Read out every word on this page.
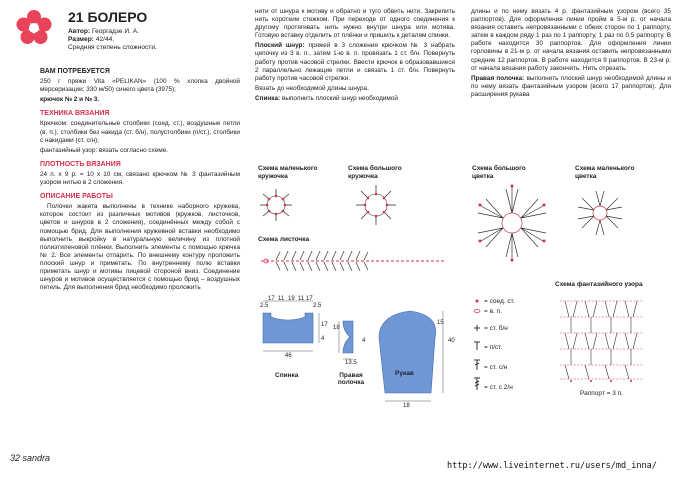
21 БОЛЕРО
Автор: Георгадзе И. А.
Размер: 42/44.
Средняя степень сложности.
ВАМ ПОТРЕБУЕТСЯ

250 г пряжи Vita «PELIKAN» (100 % хлопка двойной мерсеризации; 330 м/50) синего цвета (3975);

крючок № 2 и № 3.

ТЕХНИКА ВЯЗАНИЯ

Крючком: соединительные столбики (соед. ст.), воздушные петли (в. п.), столбики без накида (ст. б/н), полустолбики (п/ст.), столбики с накидами (ст. с/н);

фантазийный узор: вязать согласно схеме.

ПЛОТНОСТЬ ВЯЗАНИЯ

24 п. x 9 р. = 10 x 10 см, связано крючком № 3 фантазийным узором нитью в 2 сложения.

ОПИСАНИЕ РАБОТЫ

Полочки жакета выполнены в технике наборного кружева, которое состоит из различных мотивов (кружков, листочков, цветов и шнуров в 2 сложения), соединённых между собой с помощью брид. Для выполнения кружевной вставки необходимо выполнить выкройку в натуральную величину из плотной полиэтиленовой плёнки. Выполнить элементы с помощью крючка № 2. Все элементы отпарить. По внешнему контуру проложить плоский шнур и приметать. По внутреннему полю вставки приметать шнур и мотивы лицевой стороной вниз. Соединение шнуров и мотивов осуществляется с помощью брид – воздушных петель. Для выполнения брид необходимо проложить

нити от шнура к мотиву и обратно и туго обвить нити. Закрепить нить коротким стежком. При переходе от одного соединения к другому протягивать нить нужно внутри шнура или мотива. Готовую вставку отделить от плёнки и пришить к деталям спинки.

Плоский шнур: пряжей в 3 сложения крючком № 3 набрать цепочку из 3 в. п., затем 1-ю в. п. провязать 1 ст. б/н. Повернуть работу против часовой стрелки. Ввести крючок в образовавшиеся 2 параллельно лежащие петли и связать 1 ст. б/н. Повернуть работу против часовой стрелки.

Вязать до необходимой длины шнура.

Спинка: выполнить плоский шнур необходимой

Схема маленького кружочка
Схема большого кружочка
Схема листочка
2.5
17 11 19 11 17
2.5
17
4
46
18
4
13.5
15
40
18
Спинка	Правая полочка
Рукав

длины и по нему вязать 4 р. фантазийным узором (всего 35 раппортов). Для оформления линии пройм в 5-м р. от начала вязания оставить непровязанными с обеих сторон по 1 раппорту, затем в каждом ряду 1 раз по 1 раппорту, 1 раз по 0,5 раппорту. В работе находится 30 раппортов. Для оформления линии горловины в 21-м р. от начала вязания оставить непровязанными средние 12 раппортов. В работе находится 9 раппортов. В 23-м р. от начала вязания работу закончить. Нить отрезать.

Правая полочка: выполнить плоский шнур необходимой длины и по нему вязать фантазийным узором (всего 17 раппортов). Для расширения рукава

Схема большого цветка
Схема маленького цветка
Схема фантазийного узора
= соед. ст.
= в. п.
= ст. б/н
= п/ст.
= ст. с/н
= ст. с 2/н
Раппорт = 3 п.
32 sandra
http://www.liveinternet.ru/users/md_inna/
